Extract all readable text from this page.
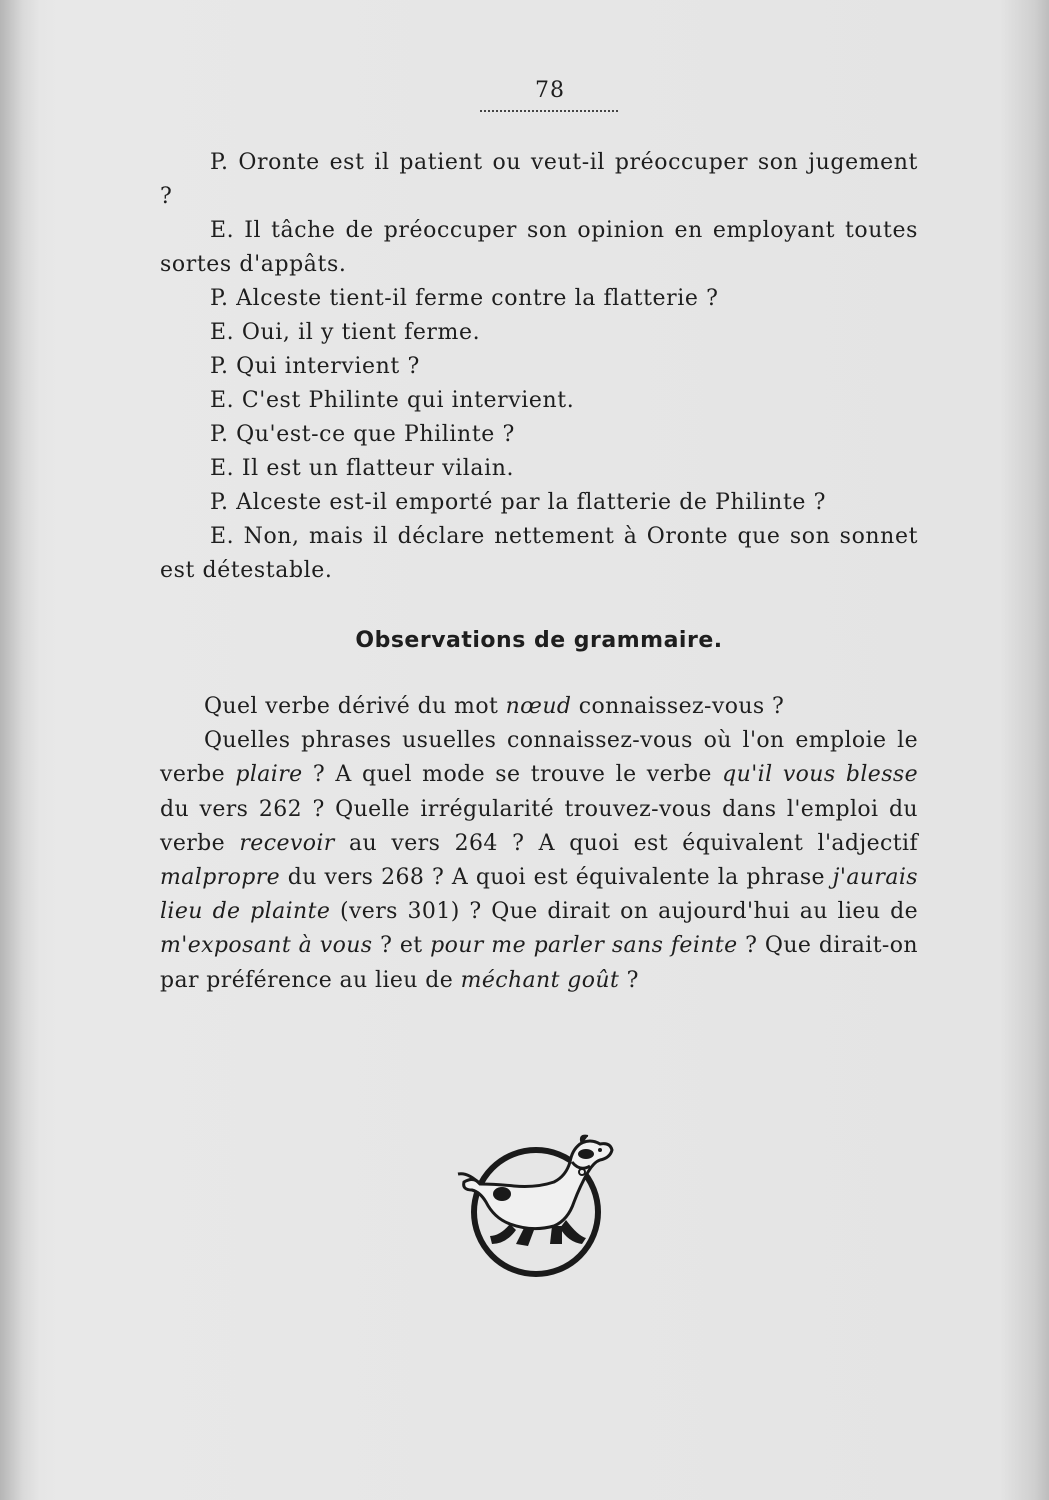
78

P. Oronte est il patient ou veut-il préoccuper son jugement ?

E. Il tâche de préoccuper son opinion en employant toutes sortes d'appâts.

P. Alceste tient-il ferme contre la flatterie ?

E. Oui, il y tient ferme.

P. Qui intervient ?

E. C'est Philinte qui intervient.

P. Qu'est-ce que Philinte ?

E. Il est un flatteur vilain.

P. Alceste est-il emporté par la flatterie de Philinte ?

E. Non, mais il déclare nettement à Oronte que son sonnet est détestable.

Observations de grammaire.

Quel verbe dérivé du mot nœud connaissez-vous ?

Quelles phrases usuelles connaissez-vous où l'on emploie le verbe plaire ? A quel mode se trouve le verbe qu'il vous blesse du vers 262 ? Quelle irrégularité trouvez-vous dans l'emploi du verbe recevoir au vers 264 ? A quoi est équivalent l'adjectif malpropre du vers 268 ? A quoi est équivalente la phrase j'aurais lieu de plainte (vers 301) ? Que dirait on aujourd'hui au lieu de m'exposant à vous ? et pour me parler sans feinte ? Que dirait-on par préférence au lieu de méchant goût ?
